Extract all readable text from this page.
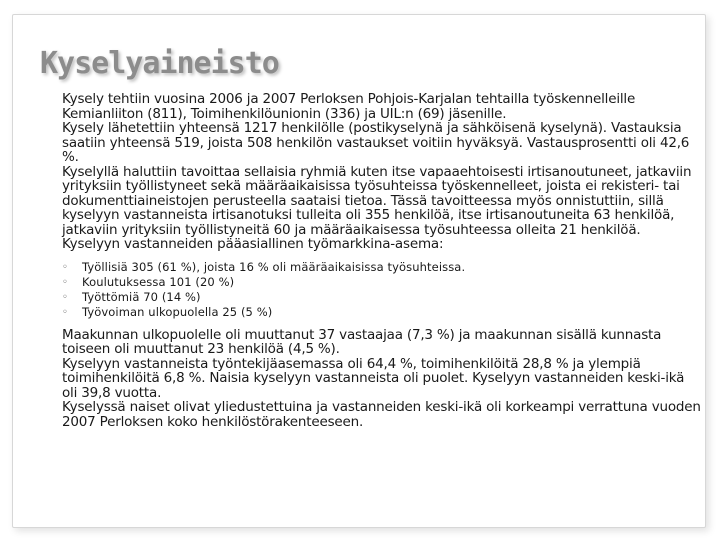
Kyselyaineisto
Kysely tehtiin vuosina 2006 ja 2007 Perloksen Pohjois-Karjalan tehtailla työskennelleille Kemianliiton (811), Toimihenkilöunionin (336) ja UIL:n (69) jäsenille.
Kysely lähetettiin yhteensä 1217 henkilölle (postikyselynä ja sähköisenä kyselynä). Vastauksia saatiin yhteensä 519, joista 508 henkilön vastaukset voitiin hyväksyä. Vastausprosentti oli 42,6 %.
Kyselyllä haluttiin tavoittaa sellaisia ryhmiä kuten itse vapaaehtoisesti irtisanoutuneet, jatkaviin yrityksiin työllistyneet sekä määräaikaisissa työsuhteissa työskennelleet, joista ei rekisteri- tai dokumenttiaineistojen perusteella saataisi tietoa. Tässä tavoitteessa myös onnistuttiin, sillä kyselyyn vastanneista irtisanotuksi tulleita oli 355 henkilöä, itse irtisanoutuneita 63 henkilöä, jatkaviin yrityksiin työllistyneitä 60 ja määräaikaisessa työsuhteessa olleita 21 henkilöä.
Kyselyyn vastanneiden pääasiallinen työmarkkina-asema:
◦ Työllisiä 305 (61 %), joista 16 % oli määräaikaisissa työsuhteissa.
◦ Koulutuksessa 101 (20 %)
◦ Työttömiä 70 (14 %)
◦ Työvoiman ulkopuolella 25 (5 %)
Maakunnan ulkopuolelle oli muuttanut 37 vastaajaa (7,3 %) ja maakunnan sisällä kunnasta toiseen oli muuttanut 23 henkilöä (4,5 %).
Kyselyyn vastanneista työntekijäasemassa oli 64,4 %, toimihenkilöitä 28,8 % ja ylempiä toimihenkilöitä 6,8 %. Naisia kyselyyn vastanneista oli puolet. Kyselyyn vastanneiden keski-ikä oli 39,8 vuotta.
Kyselyssä naiset olivat yliedustettuina ja vastanneiden keski-ikä oli korkeampi verrattuna vuoden 2007 Perloksen koko henkilöstörakenteeseen.
